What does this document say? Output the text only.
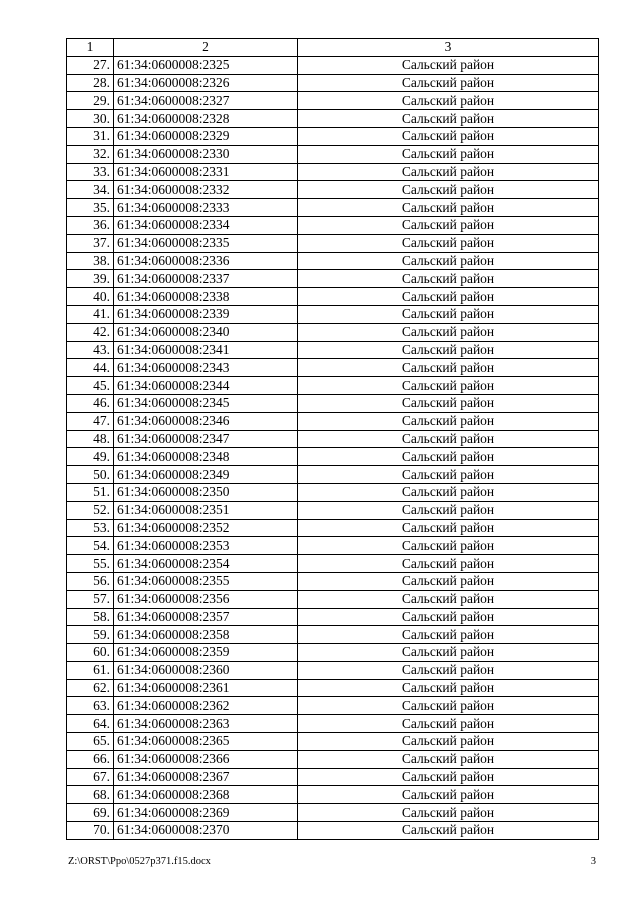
1	2	3
27.	61:34:0600008:2325	Сальский район
28.	61:34:0600008:2326	Сальский район
29.	61:34:0600008:2327	Сальский район
30.	61:34:0600008:2328	Сальский район
31.	61:34:0600008:2329	Сальский район
32.	61:34:0600008:2330	Сальский район
33.	61:34:0600008:2331	Сальский район
34.	61:34:0600008:2332	Сальский район
35.	61:34:0600008:2333	Сальский район
36.	61:34:0600008:2334	Сальский район
37.	61:34:0600008:2335	Сальский район
38.	61:34:0600008:2336	Сальский район
39.	61:34:0600008:2337	Сальский район
40.	61:34:0600008:2338	Сальский район
41.	61:34:0600008:2339	Сальский район
42.	61:34:0600008:2340	Сальский район
43.	61:34:0600008:2341	Сальский район
44.	61:34:0600008:2343	Сальский район
45.	61:34:0600008:2344	Сальский район
46.	61:34:0600008:2345	Сальский район
47.	61:34:0600008:2346	Сальский район
48.	61:34:0600008:2347	Сальский район
49.	61:34:0600008:2348	Сальский район
50.	61:34:0600008:2349	Сальский район
51.	61:34:0600008:2350	Сальский район
52.	61:34:0600008:2351	Сальский район
53.	61:34:0600008:2352	Сальский район
54.	61:34:0600008:2353	Сальский район
55.	61:34:0600008:2354	Сальский район
56.	61:34:0600008:2355	Сальский район
57.	61:34:0600008:2356	Сальский район
58.	61:34:0600008:2357	Сальский район
59.	61:34:0600008:2358	Сальский район
60.	61:34:0600008:2359	Сальский район
61.	61:34:0600008:2360	Сальский район
62.	61:34:0600008:2361	Сальский район
63.	61:34:0600008:2362	Сальский район
64.	61:34:0600008:2363	Сальский район
65.	61:34:0600008:2365	Сальский район
66.	61:34:0600008:2366	Сальский район
67.	61:34:0600008:2367	Сальский район
68.	61:34:0600008:2368	Сальский район
69.	61:34:0600008:2369	Сальский район
70.	61:34:0600008:2370	Сальский район
Z:\ORST\Ppo\0527p371.f15.docx	3
